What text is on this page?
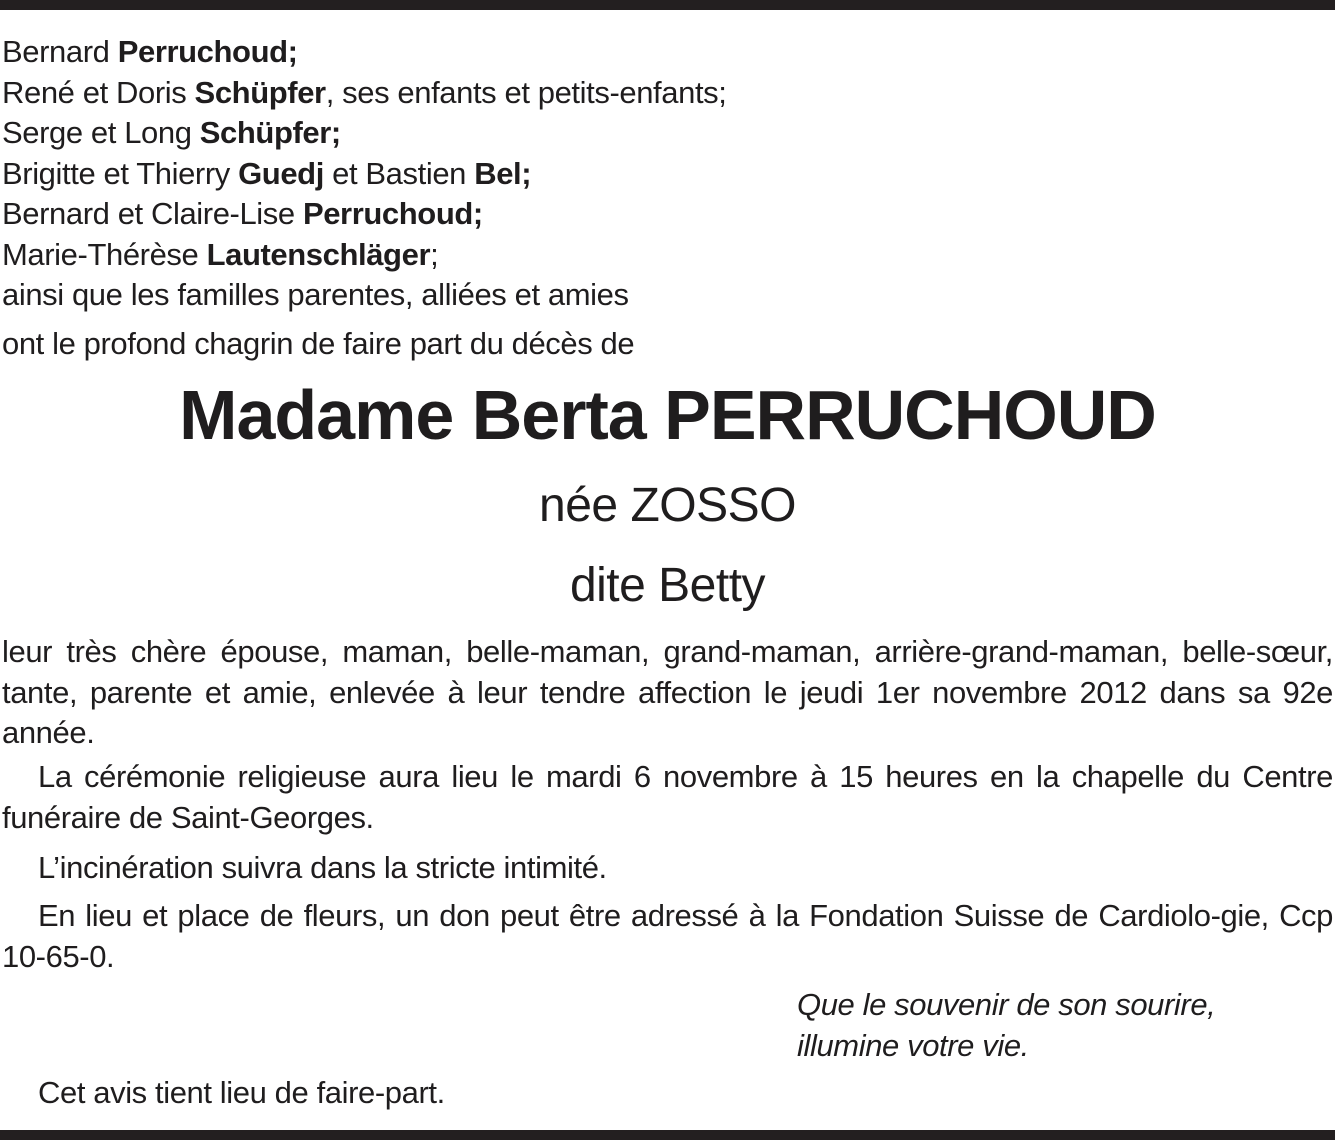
Bernard Perruchoud;
René et Doris Schüpfer, ses enfants et petits-enfants;
Serge et Long Schüpfer;
Brigitte et Thierry Guedj et Bastien Bel;
Bernard et Claire-Lise Perruchoud;
Marie-Thérèse Lautenschläger;
ainsi que les familles parentes, alliées et amies
ont le profond chagrin de faire part du décès de
Madame Berta PERRUCHOUD
née ZOSSO
dite Betty

leur très chère épouse, maman, belle-maman, grand-maman, arrière-grand-maman, belle-sœur, tante, parente et amie, enlevée à leur tendre affection le jeudi 1er novembre 2012 dans sa 92e année.

La cérémonie religieuse aura lieu le mardi 6 novembre à 15 heures en la chapelle du Centre funéraire de Saint-Georges.

L’incinération suivra dans la stricte intimité.

En lieu et place de fleurs, un don peut être adressé à la Fondation Suisse de Cardiolo-gie, Ccp 10-65-0.

Que le souvenir de son sourire,
illumine votre vie.
Cet avis tient lieu de faire-part.
